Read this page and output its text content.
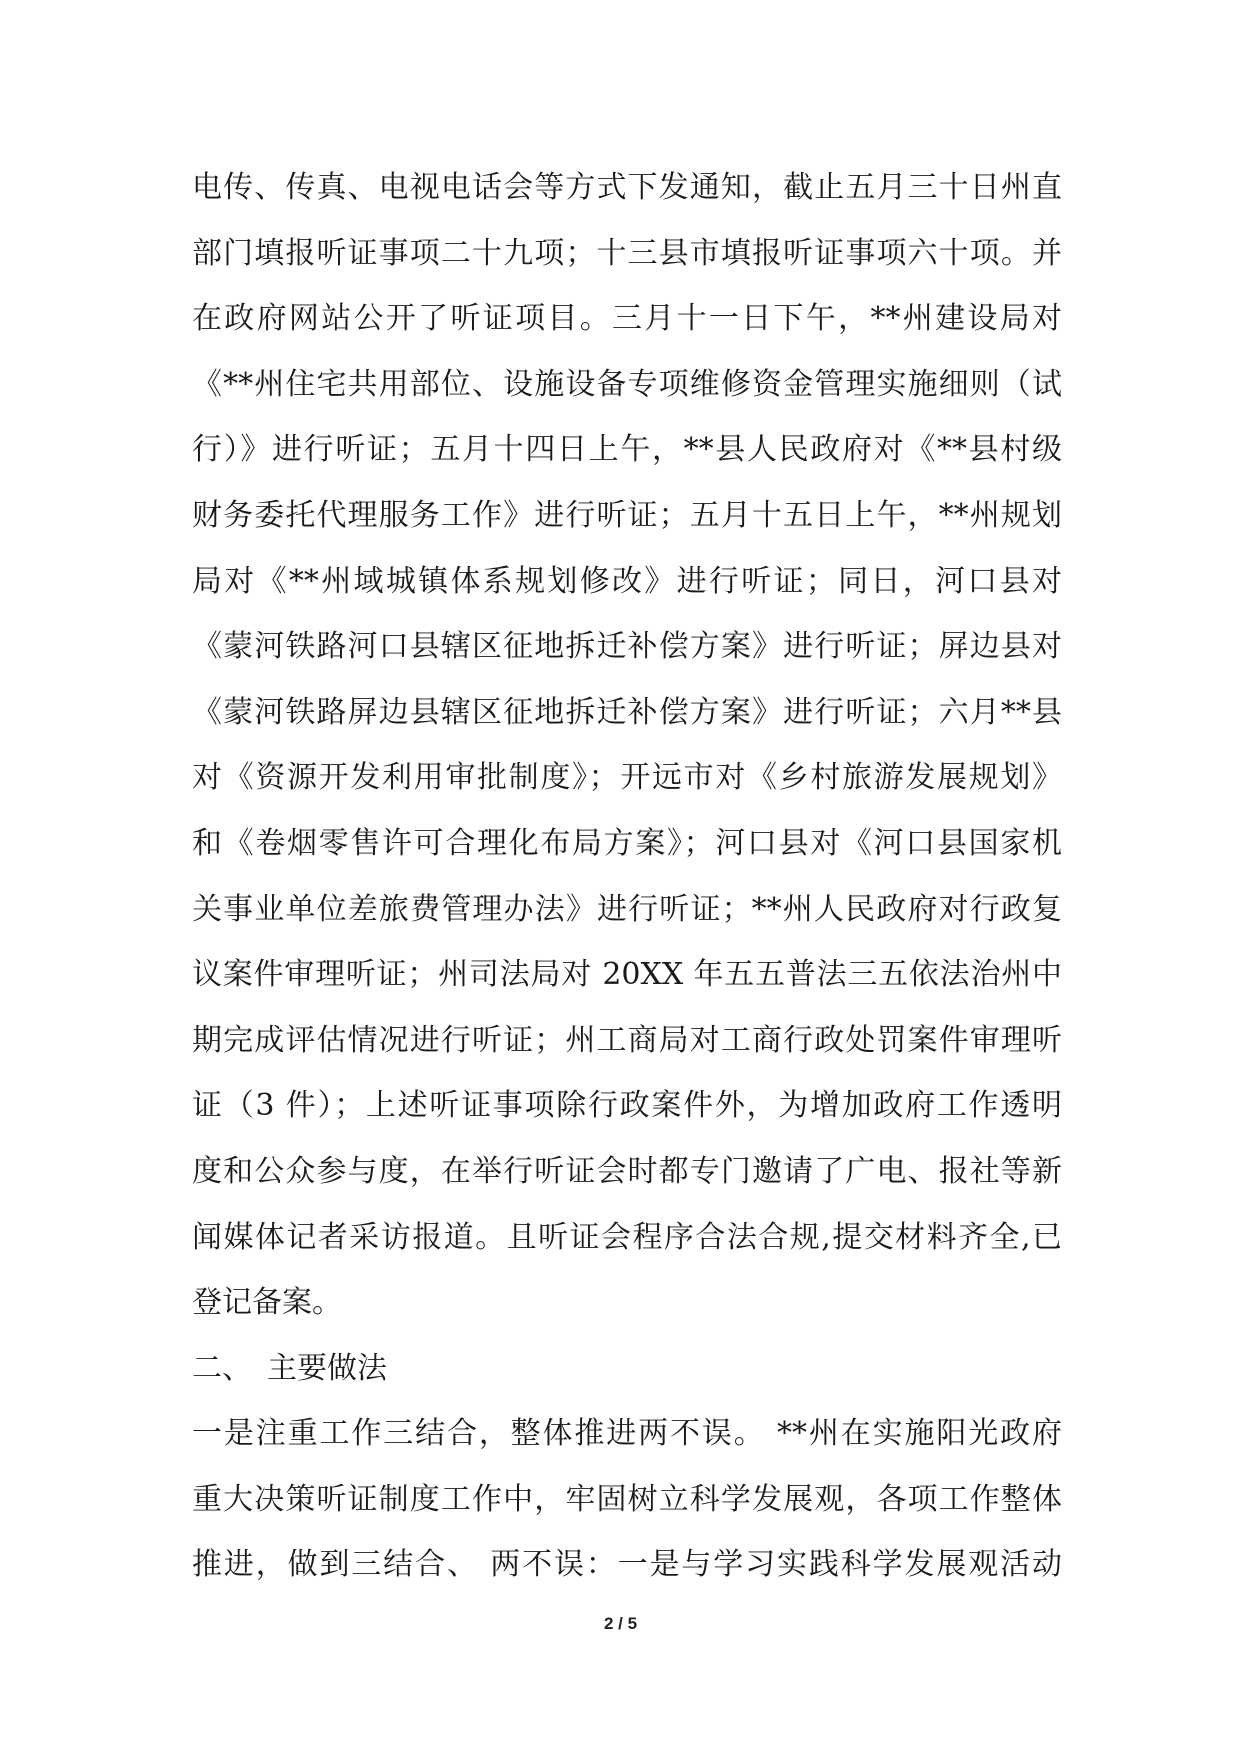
电传、传真、电视电话会等方式下发通知，截止五月三十日州直
部门填报听证事项二十九项；十三县市填报听证事项六十项。并
在政府网站公开了听证项目。三月十一日下午，**州建设局对
《**州住宅共用部位、设施设备专项维修资金管理实施细则（试
行）》进行听证；五月十四日上午，**县人民政府对《**县村级
财务委托代理服务工作》进行听证；五月十五日上午，**州规划
局对《**州域城镇体系规划修改》进行听证；同日，河口县对
《蒙河铁路河口县辖区征地拆迁补偿方案》进行听证；屏边县对
《蒙河铁路屏边县辖区征地拆迁补偿方案》进行听证；六月**县
对《资源开发利用审批制度》；开远市对《乡村旅游发展规划》
和《卷烟零售许可合理化布局方案》；河口县对《河口县国家机
关事业单位差旅费管理办法》进行听证；**州人民政府对行政复
议案件审理听证；州司法局对 20XX 年五五普法三五依法治州中
期完成评估情况进行听证；州工商局对工商行政处罚案件审理听
证（3 件）；上述听证事项除行政案件外，为增加政府工作透明
度和公众参与度，在举行听证会时都专门邀请了广电、报社等新
闻媒体记者采访报道。且听证会程序合法合规,提交材料齐全,已
登记备案。
二、　主要做法
一是注重工作三结合，整体推进两不误。 **州在实施阳光政府
重大决策听证制度工作中，牢固树立科学发展观，各项工作整体
推进，做到三结合、 两不误：一是与学习实践科学发展观活动
2 / 5
